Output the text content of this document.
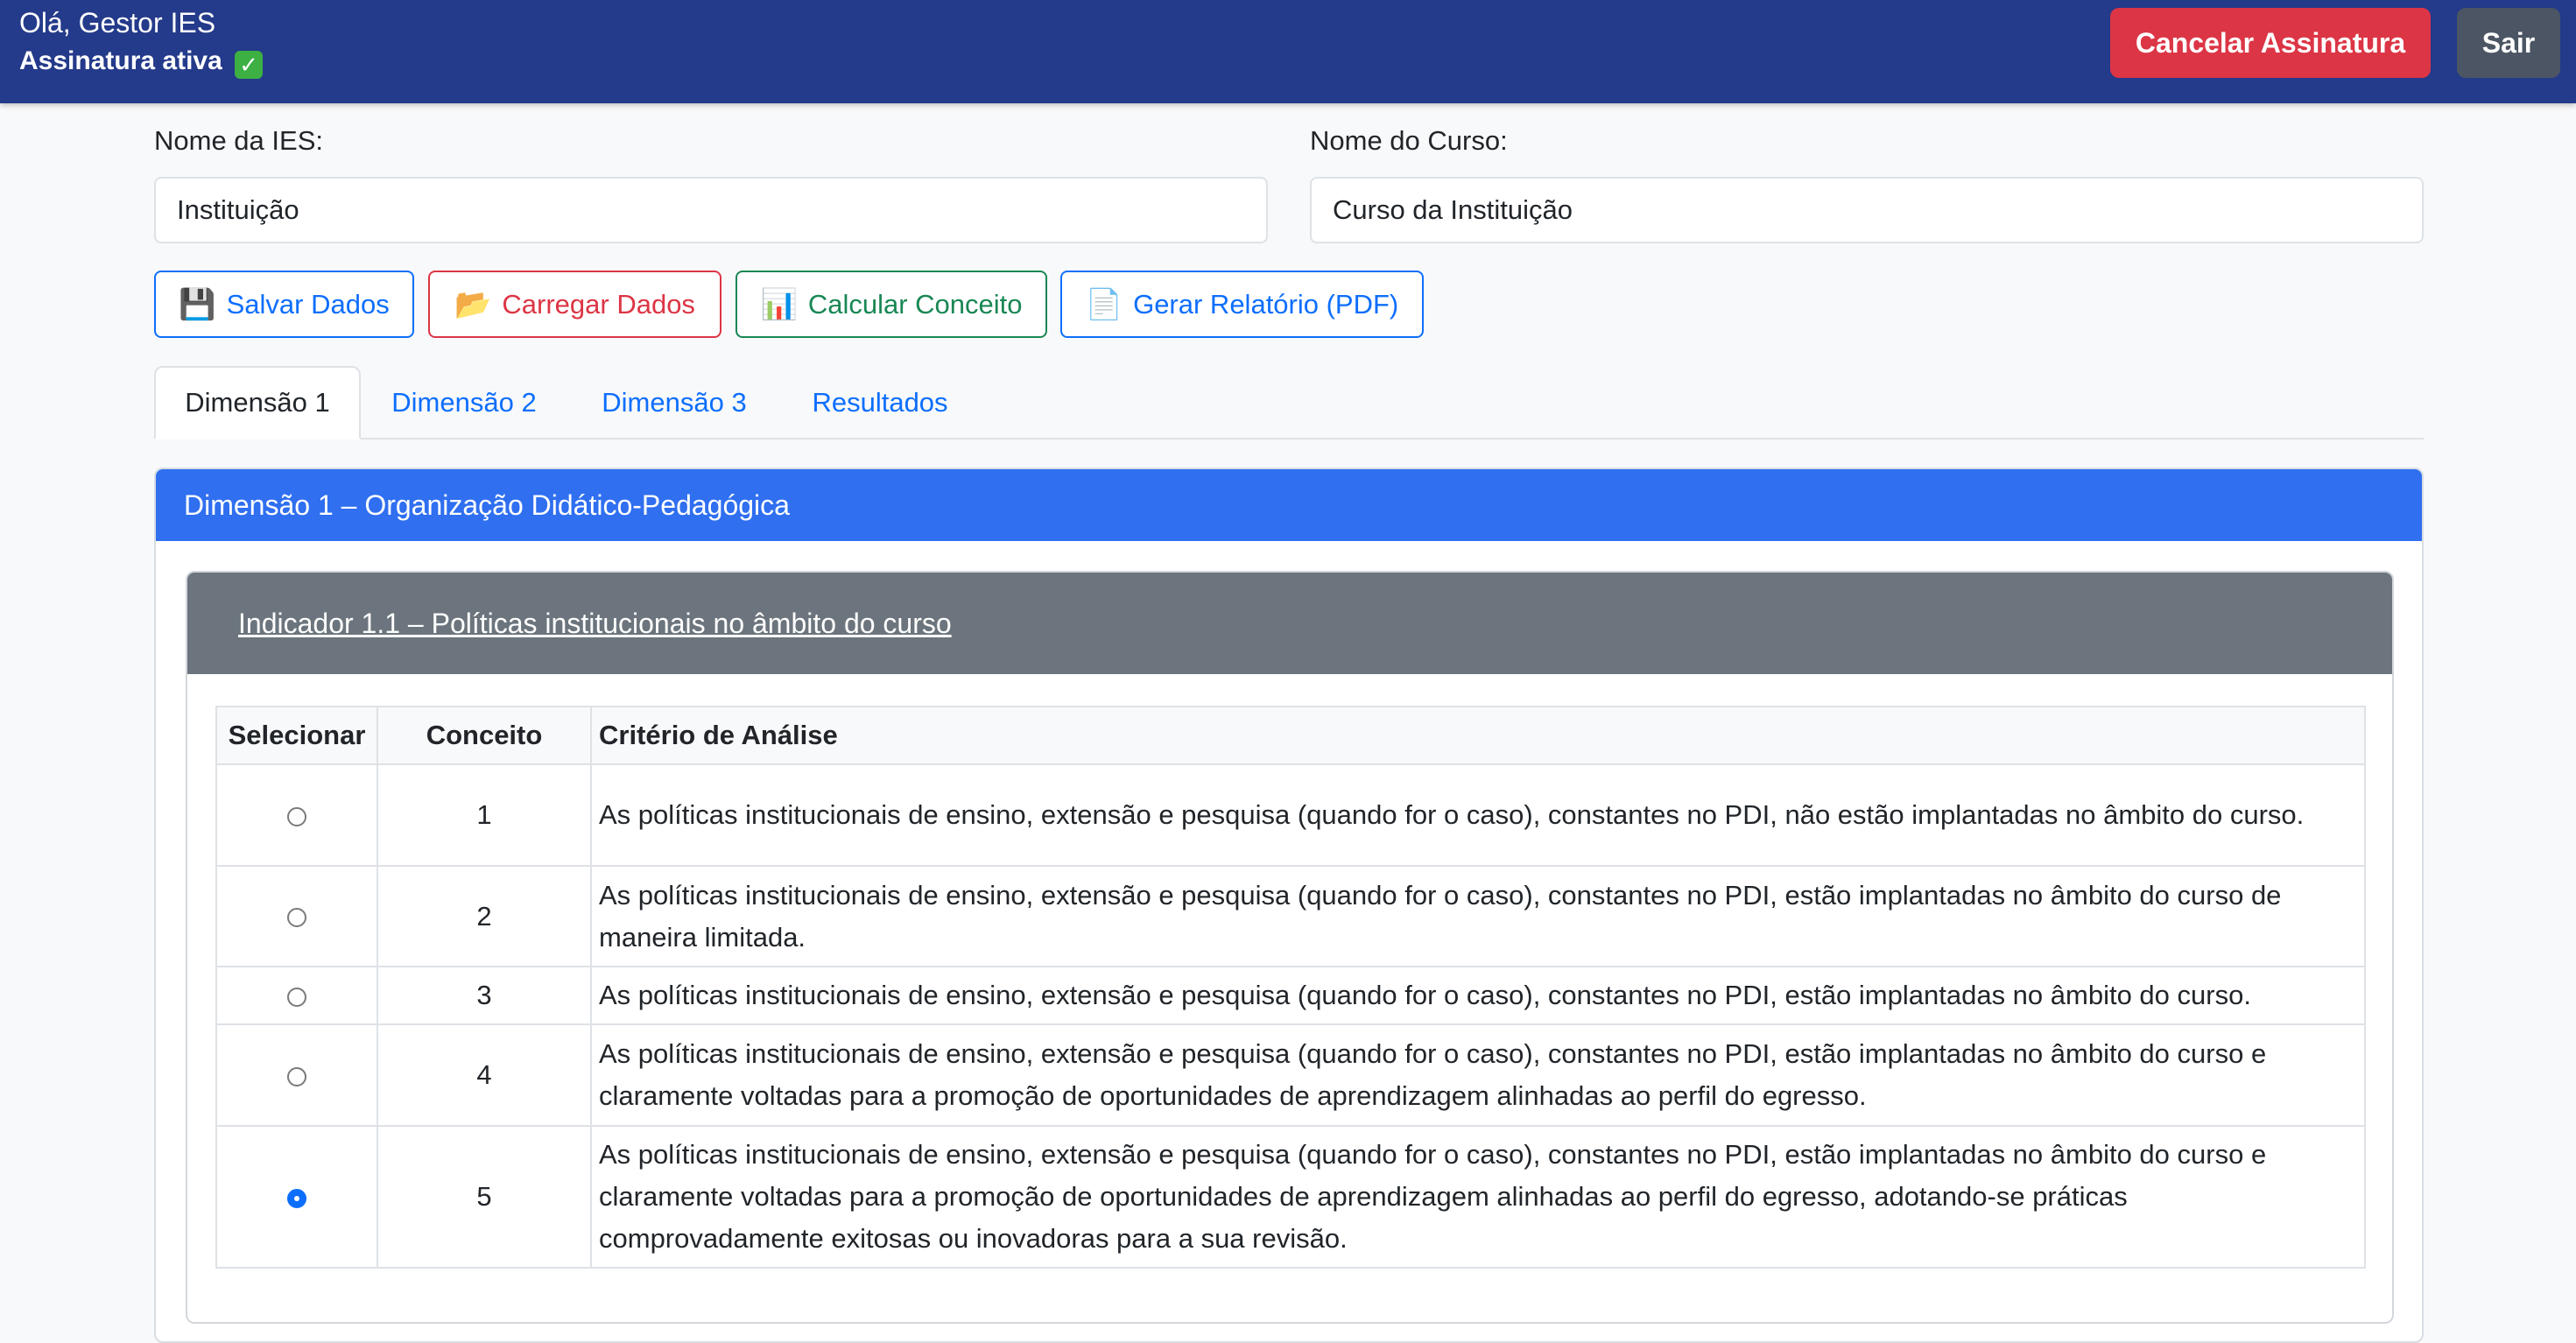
Olá, Gestor IES
Assinatura ativa ✓
Cancelar Assinatura	Sair
Nome da IES:
Instituição	Nome do Curso:
Curso da Instituição
💾 Salvar Dados 📂 Carregar Dados 📊 Calcular Conceito 📄 Gerar Relatório (PDF)
Dimensão 1	Dimensão 2	Dimensão 3	Resultados
Dimensão 1 – Organização Didático-Pedagógica
Indicador 1.1 – Políticas institucionais no âmbito do curso
Selecionar	Conceito	Critério de Análise
	1	As políticas institucionais de ensino, extensão e pesquisa (quando for o caso), constantes no PDI, não estão implantadas no âmbito do curso.
	2	As políticas institucionais de ensino, extensão e pesquisa (quando for o caso), constantes no PDI, estão implantadas no âmbito do curso de maneira limitada.
	3	As políticas institucionais de ensino, extensão e pesquisa (quando for o caso), constantes no PDI, estão implantadas no âmbito do curso.
	4	As políticas institucionais de ensino, extensão e pesquisa (quando for o caso), constantes no PDI, estão implantadas no âmbito do curso e claramente voltadas para a promoção de oportunidades de aprendizagem alinhadas ao perfil do egresso.
	5	As políticas institucionais de ensino, extensão e pesquisa (quando for o caso), constantes no PDI, estão implantadas no âmbito do curso e claramente voltadas para a promoção de oportunidades de aprendizagem alinhadas ao perfil do egresso, adotando-se práticas comprovadamente exitosas ou inovadoras para a sua revisão.
